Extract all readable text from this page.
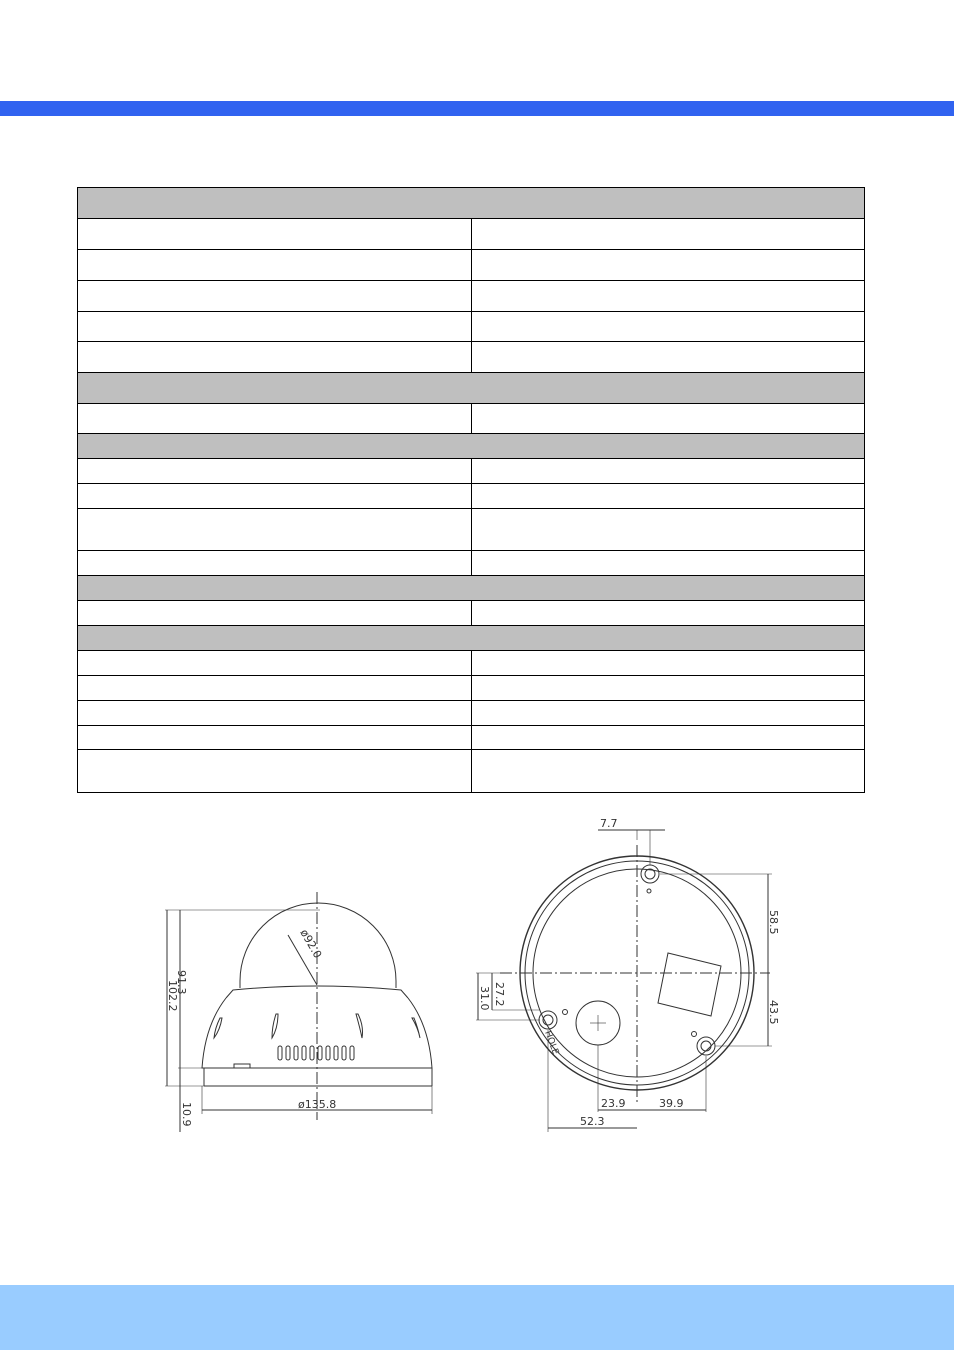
ø92.0
91.3
102.2
10.9	ø135.8
7.7
58.5
43.5
27.2
31.0
23.9	39.9
52.3
HOLE
